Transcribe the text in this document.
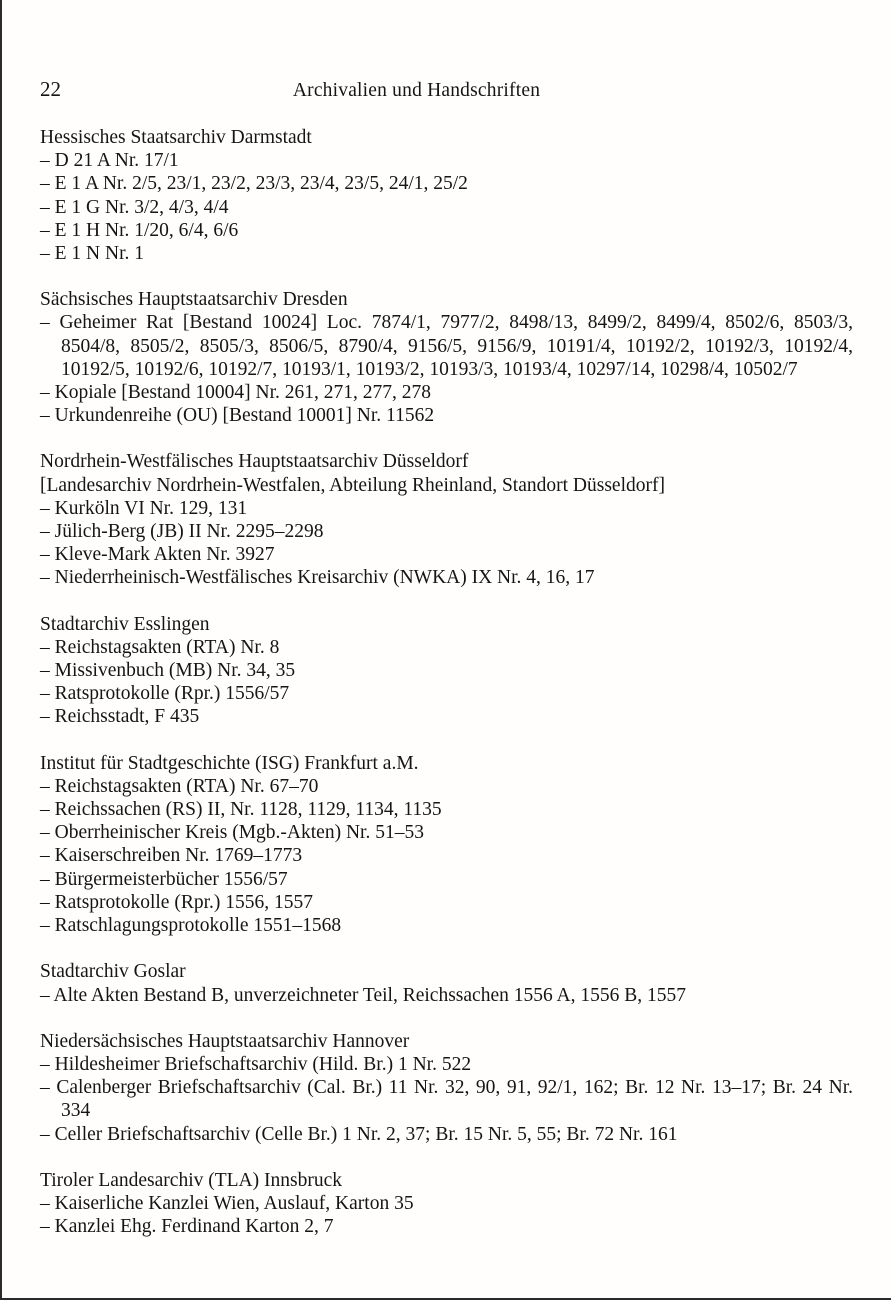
22	Archivalien und Handschriften

Hessisches Staatsarchiv Darmstadt

– D 21 A Nr. 17/1

– E 1 A Nr. 2/5, 23/1, 23/2, 23/3, 23/4, 23/5, 24/1, 25/2

– E 1 G Nr. 3/2, 4/3, 4/4

– E 1 H Nr. 1/20, 6/4, 6/6

– E 1 N Nr. 1

Sächsisches Hauptstaatsarchiv Dresden

– Geheimer Rat [Bestand 10024] Loc. 7874/1, 7977/2, 8498/13, 8499/2, 8499/4, 8502/6, 8503/3, 8504/8, 8505/2, 8505/3, 8506/5, 8790/4, 9156/5, 9156/9, 10191/4, 10192/2, 10192/3, 10192/4, 10192/5, 10192/6, 10192/7, 10193/1, 10193/2, 10193/3, 10193/4, 10297/14, 10298/4, 10502/7

– Kopiale [Bestand 10004] Nr. 261, 271, 277, 278

– Urkundenreihe (OU) [Bestand 10001] Nr. 11562

Nordrhein-Westfälisches Hauptstaatsarchiv Düsseldorf

[Landesarchiv Nordrhein-Westfalen, Abteilung Rheinland, Standort Düsseldorf]

– Kurköln VI Nr. 129, 131

– Jülich-Berg (JB) II Nr. 2295–2298

– Kleve-Mark Akten Nr. 3927

– Niederrheinisch-Westfälisches Kreisarchiv (NWKA) IX Nr. 4, 16, 17

Stadtarchiv Esslingen

– Reichstagsakten (RTA) Nr. 8

– Missivenbuch (MB) Nr. 34, 35

– Ratsprotokolle (Rpr.) 1556/57

– Reichsstadt, F 435

Institut für Stadtgeschichte (ISG) Frankfurt a.M.

– Reichstagsakten (RTA) Nr. 67–70

– Reichssachen (RS) II, Nr. 1128, 1129, 1134, 1135

– Oberrheinischer Kreis (Mgb.-Akten) Nr. 51–53

– Kaiserschreiben Nr. 1769–1773

– Bürgermeisterbücher 1556/57

– Ratsprotokolle (Rpr.) 1556, 1557

– Ratschlagungsprotokolle 1551–1568

Stadtarchiv Goslar

– Alte Akten Bestand B, unverzeichneter Teil, Reichssachen 1556 A, 1556 B, 1557

Niedersächsisches Hauptstaatsarchiv Hannover

– Hildesheimer Briefschaftsarchiv (Hild. Br.) 1 Nr. 522

– Calenberger Briefschaftsarchiv (Cal. Br.) 11 Nr. 32, 90, 91, 92/1, 162; Br. 12 Nr. 13–17; Br. 24 Nr. 334

– Celler Briefschaftsarchiv (Celle Br.) 1 Nr. 2, 37; Br. 15 Nr. 5, 55; Br. 72 Nr. 161

Tiroler Landesarchiv (TLA) Innsbruck

– Kaiserliche Kanzlei Wien, Auslauf, Karton 35

– Kanzlei Ehg. Ferdinand Karton 2, 7
